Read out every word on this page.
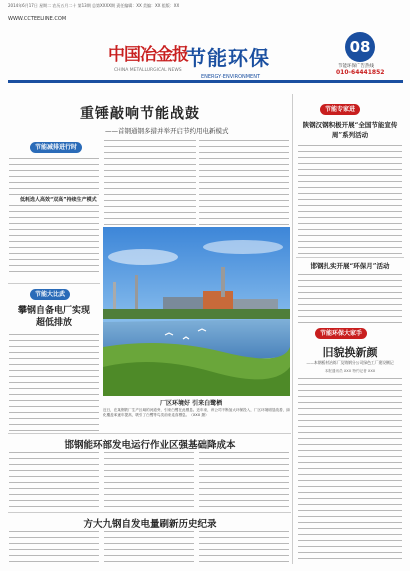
2014年6月17日 星期二 农历五月二十 第13期 总第XXXX期 责任编辑：XX 美编：XX 组版：XX
WWW.CCTEELIINE.COM
中国冶金报
CHINA METALLURGICAL NEWS
节能环保
ENERGY·ENVIRONMENT
08
节能环保广告热线
010-64441852
重锤敲响节能战鼓
——首钢通钢多措并举开启节约用电新模式
节能减排进行时
低耗选人高效“双高”持续生产模式
厂区环境好 引来白鹭栖
近日，在某钢铁厂生产区域的河道旁，引来白鹭在此栖息。近年来，该公司不断加大环保投入，厂区环境明显改善，绿化覆盖率逐年提高，吸引了白鹭等鸟类前来觅食栖息。（XXX 摄）
节能大比武
攀钢自备电厂实现超低排放
邯钢能环部发电运行作业区强基础降成本
方大九钢自发电量刷新历史纪录
节能专家进
陕钢汉钢积极开展“全国节能宣传周”系列活动
邯钢扎实开展“环保月”活动
节能环保大家手
旧貌换新颜
——本钢板材冶炼厂及铸钢分公司绿色工厂建设侧记
本报通讯员 XXX 特约记者 XXX
